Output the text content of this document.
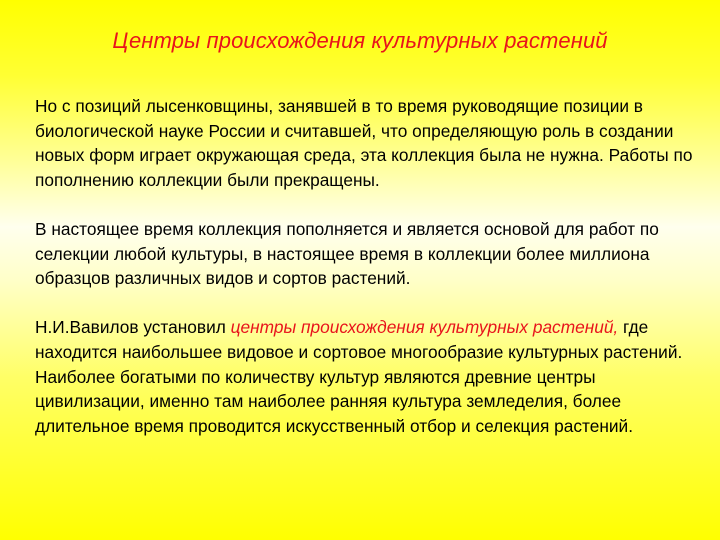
Центры происхождения культурных растений

Но с позиций лысенковщины, занявшей в то время руководящие позиции в биологической науке России и считавшей, что определяющую роль в создании новых форм играет окружающая среда, эта коллекция была не нужна. Работы по пополнению коллекции были прекращены.

В настоящее время коллекция пополняется и является основой для работ по селекции любой культуры, в настоящее время в коллекции более миллиона образцов различных видов и сортов растений.

Н.И.Вавилов установил центры происхождения культурных растений, где находится наибольшее видовое и сортовое многообразие культурных растений. Наиболее богатыми по количеству культур являются древние центры цивилизации, именно там наиболее ранняя культура земледелия, более длительное время проводится искусственный отбор и селекция растений.
